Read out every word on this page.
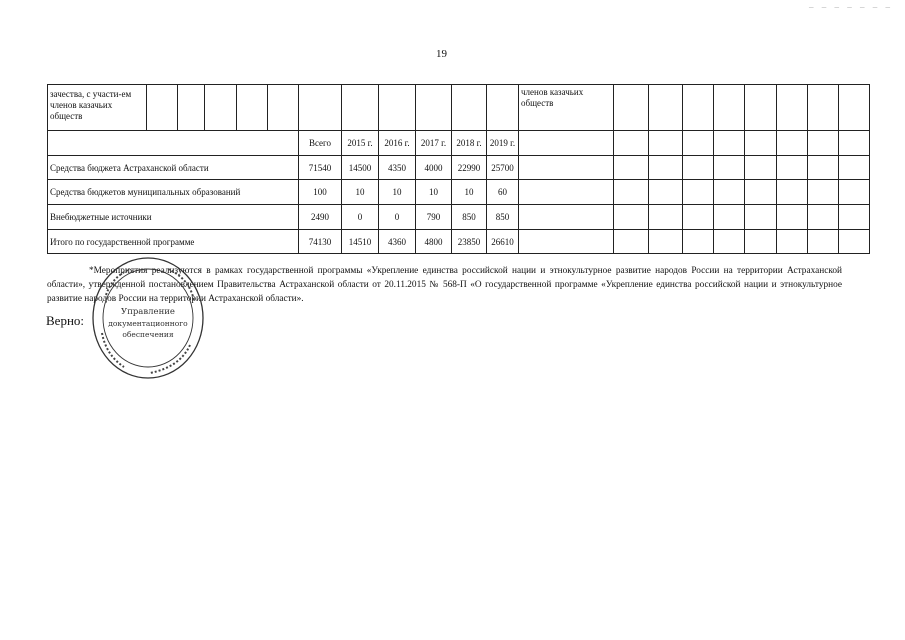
19
– – – – – – –
зачества, с участи-ем членов казачьих обществ												членов казачьих обществ								
						Всего	2015 г.	2016 г.	2017 г.	2018 г.	2019 г.									
Средства бюджета Астраханской области						71540	14500	4350	4000	22990	25700									
Средства бюджетов муниципальных образований						100	10	10	10	10	60									
Внебюджетные источники						2490	0	0	790	850	850									
Итого по государственной программе						74130	14510	4360	4800	23850	26610									

*Мероприятия реализуются в рамках государственной программы «Укрепление единства российской нации и этнокультурное развитие народов России на территории Астраханской области», утвержденной постановлением Правительства Астраханской области от 20.11.2015 № 568-П «О государственной программе «Укрепление единства российской нации и этнокультурное развитие народов России на территории Астраханской области».

Верно:
Управление
документационного
обеспечения
